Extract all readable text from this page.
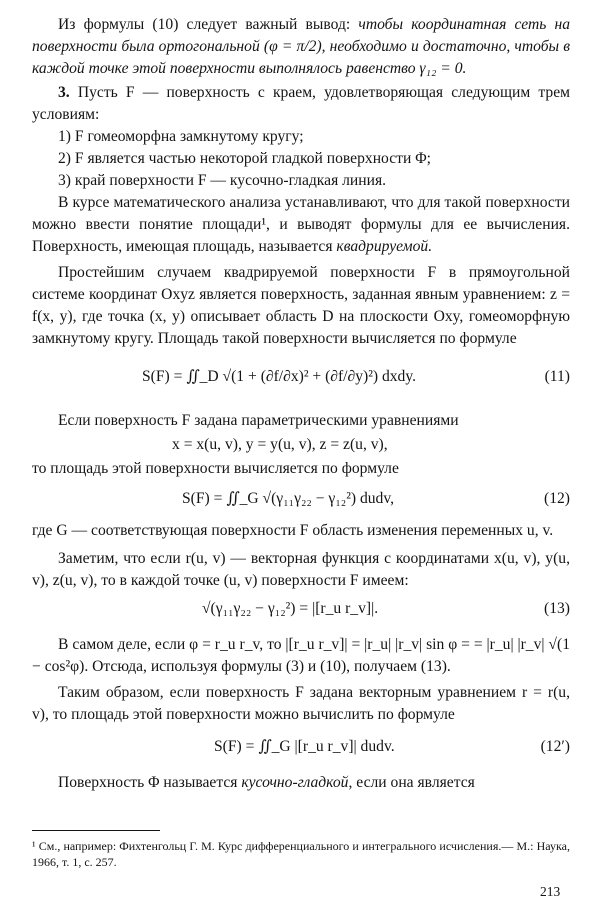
Из формулы (10) следует важный вывод: чтобы координатная сеть на поверхности была ортогональной (φ = π/2), необходимо и достаточно, чтобы в каждой точке этой поверхности выполнялось равенство γ₁₂ = 0.

3. Пусть F — поверхность с краем, удовлетворяющая следующим трем условиям:

1) F гомеоморфна замкнутому кругу;
2) F является частью некоторой гладкой поверхности Φ;
3) край поверхности F — кусочно-гладкая линия.

В курсе математического анализа устанавливают, что для такой поверхности можно ввести понятие площади¹, и выводят формулы для ее вычисления. Поверхность, имеющая площадь, называется квадрируемой.

Простейшим случаем квадрируемой поверхности F в прямоугольной системе координат Oxyz является поверхность, заданная явным уравнением: z = f(x, y), где точка (x, y) описывает область D на плоскости Oxy, гомеоморфную замкнутому кругу. Площадь такой поверхности вычисляется по формуле

S(F) = ∬_D √(1 + (∂f/∂x)² + (∂f/∂y)²) dxdy.	(11)

Если поверхность F задана параметрическими уравнениями

x = x(u, v), y = y(u, v), z = z(u, v),

то площадь этой поверхности вычисляется по формуле

S(F) = ∬_G √(γ₁₁γ₂₂ − γ₁₂²) dudv,	(12)

где G — соответствующая поверхности F область изменения переменных u, v.

Заметим, что если r(u, v) — векторная функция с координатами x(u, v), y(u, v), z(u, v), то в каждой точке (u, v) поверхности F имеем:

√(γ₁₁γ₂₂ − γ₁₂²) = |[r_u r_v]|.	(13)

В самом деле, если φ = r_u r_v, то |[r_u r_v]| = |r_u| |r_v| sin φ = = |r_u| |r_v| √(1 − cos²φ). Отсюда, используя формулы (3) и (10), получаем (13).

Таким образом, если поверхность F задана векторным уравнением r = r(u, v), то площадь этой поверхности можно вычислить по формуле

S(F) = ∬_G |[r_u r_v]| dudv.	(12′)

Поверхность Φ называется кусочно-гладкой, если она является

¹ См., например: Фихтенгольц Г. М. Курс дифференциального и интегрального исчисления.— М.: Наука, 1966, т. 1, с. 257.
213
